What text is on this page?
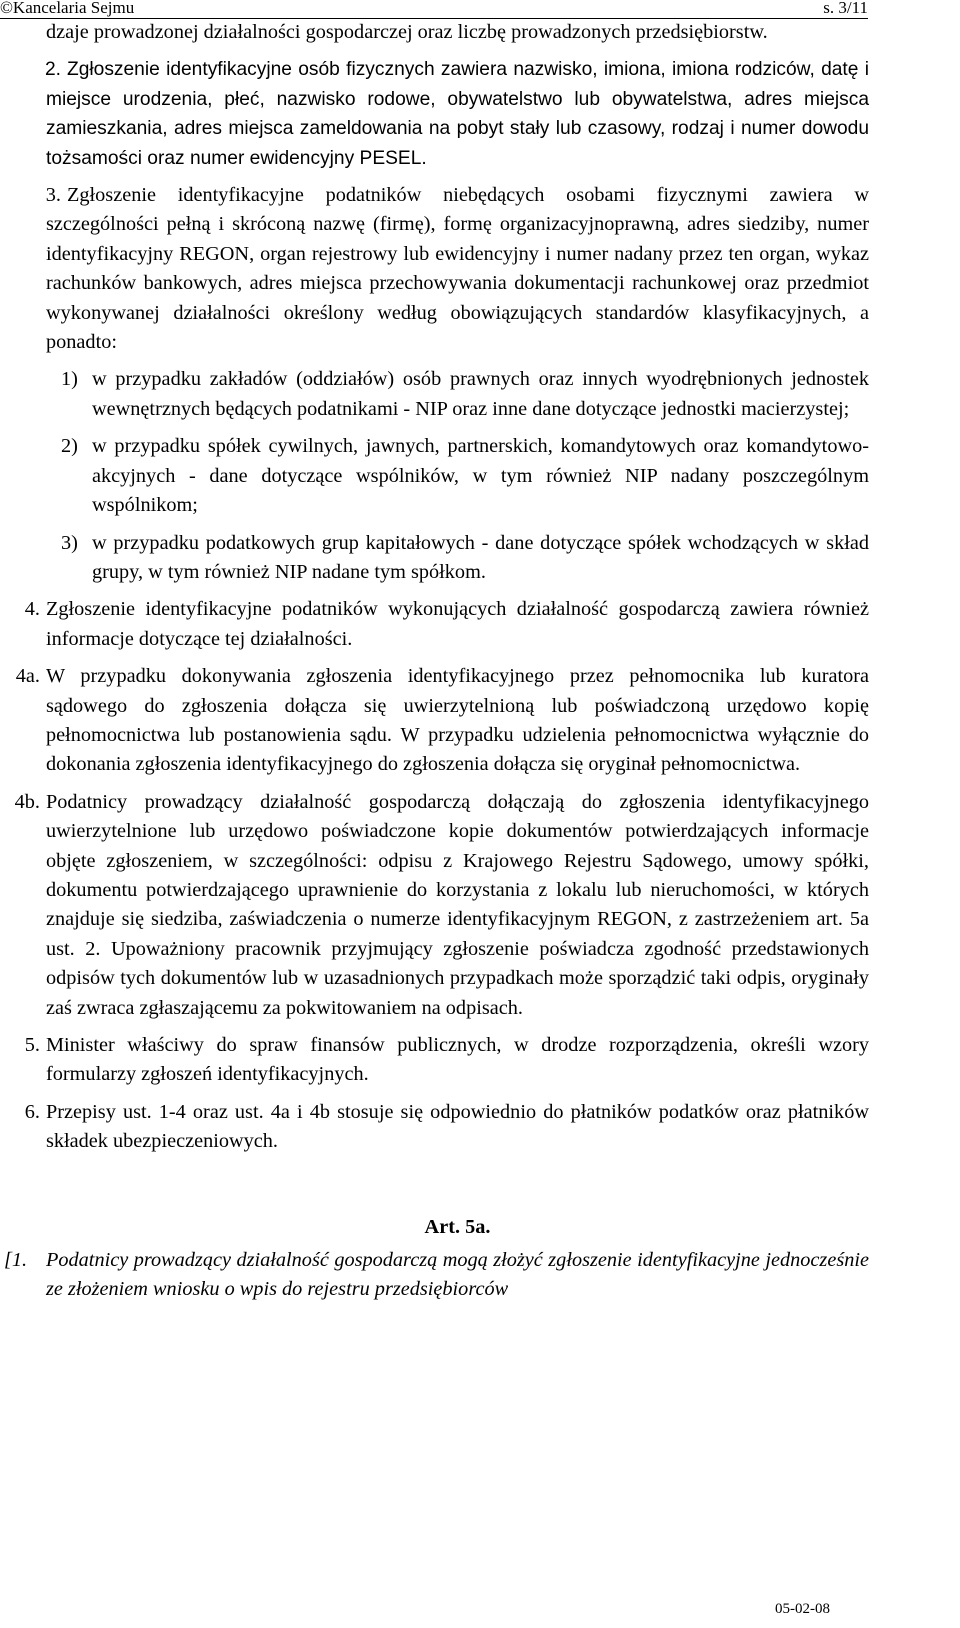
©Kancelaria Sejmu	s. 3/11

dzaje prowadzonej działalności gospodarczej oraz liczbę prowadzonych przedsiębiorstw.

2. Zgłoszenie identyfikacyjne osób fizycznych zawiera nazwisko, imiona, imiona rodziców, datę i miejsce urodzenia, płeć, nazwisko rodowe, obywatelstwo lub obywatelstwa, adres miejsca zamieszkania, adres miejsca zameldowania na pobyt stały lub czasowy, rodzaj i numer dowodu tożsamości oraz numer ewidencyjny PESEL.

3. Zgłoszenie identyfikacyjne podatników niebędących osobami fizycznymi zawiera w szczególności pełną i skróconą nazwę (firmę), formę organizacyjnoprawną, adres siedziby, numer identyfikacyjny REGON, organ rejestrowy lub ewidencyjny i numer nadany przez ten organ, wykaz rachunków bankowych, adres miejsca przechowywania dokumentacji rachunkowej oraz przedmiot wykonywanej działalności określony według obowiązujących standardów klasyfikacyjnych, a ponadto:

1) w przypadku zakładów (oddziałów) osób prawnych oraz innych wyodrębnionych jednostek wewnętrznych będących podatnikami - NIP oraz inne dane dotyczące jednostki macierzystej;

2) w przypadku spółek cywilnych, jawnych, partnerskich, komandytowych oraz komandytowo-akcyjnych - dane dotyczące wspólników, w tym również NIP nadany poszczególnym wspólnikom;

3) w przypadku podatkowych grup kapitałowych - dane dotyczące spółek wchodzących w skład grupy, w tym również NIP nadane tym spółkom.

4. Zgłoszenie identyfikacyjne podatników wykonujących działalność gospodarczą zawiera również informacje dotyczące tej działalności.

4a. W przypadku dokonywania zgłoszenia identyfikacyjnego przez pełnomocnika lub kuratora sądowego do zgłoszenia dołącza się uwierzytelnioną lub poświadczoną urzędowo kopię pełnomocnictwa lub postanowienia sądu. W przypadku udzielenia pełnomocnictwa wyłącznie do dokonania zgłoszenia identyfikacyjnego do zgłoszenia dołącza się oryginał pełnomocnictwa.

4b. Podatnicy prowadzący działalność gospodarczą dołączają do zgłoszenia identyfikacyjnego uwierzytelnione lub urzędowo poświadczone kopie dokumentów potwierdzających informacje objęte zgłoszeniem, w szczególności: odpisu z Krajowego Rejestru Sądowego, umowy spółki, dokumentu potwierdzającego uprawnienie do korzystania z lokalu lub nieruchomości, w których znajduje się siedziba, zaświadczenia o numerze identyfikacyjnym REGON, z zastrzeżeniem art. 5a ust. 2. Upoważniony pracownik przyjmujący zgłoszenie poświadcza zgodność przedstawionych odpisów tych dokumentów lub w uzasadnionych przypadkach może sporządzić taki odpis, oryginały zaś zwraca zgłaszającemu za pokwitowaniem na odpisach.

5. Minister właściwy do spraw finansów publicznych, w drodze rozporządzenia, określi wzory formularzy zgłoszeń identyfikacyjnych.

6. Przepisy ust. 1-4 oraz ust. 4a i 4b stosuje się odpowiednio do płatników podatków oraz płatników składek ubezpieczeniowych.

Art. 5a.

[1. Podatnicy prowadzący działalność gospodarczą mogą złożyć zgłoszenie identyfikacyjne jednocześnie ze złożeniem wniosku o wpis do rejestru przedsiębiorców

05-02-08
